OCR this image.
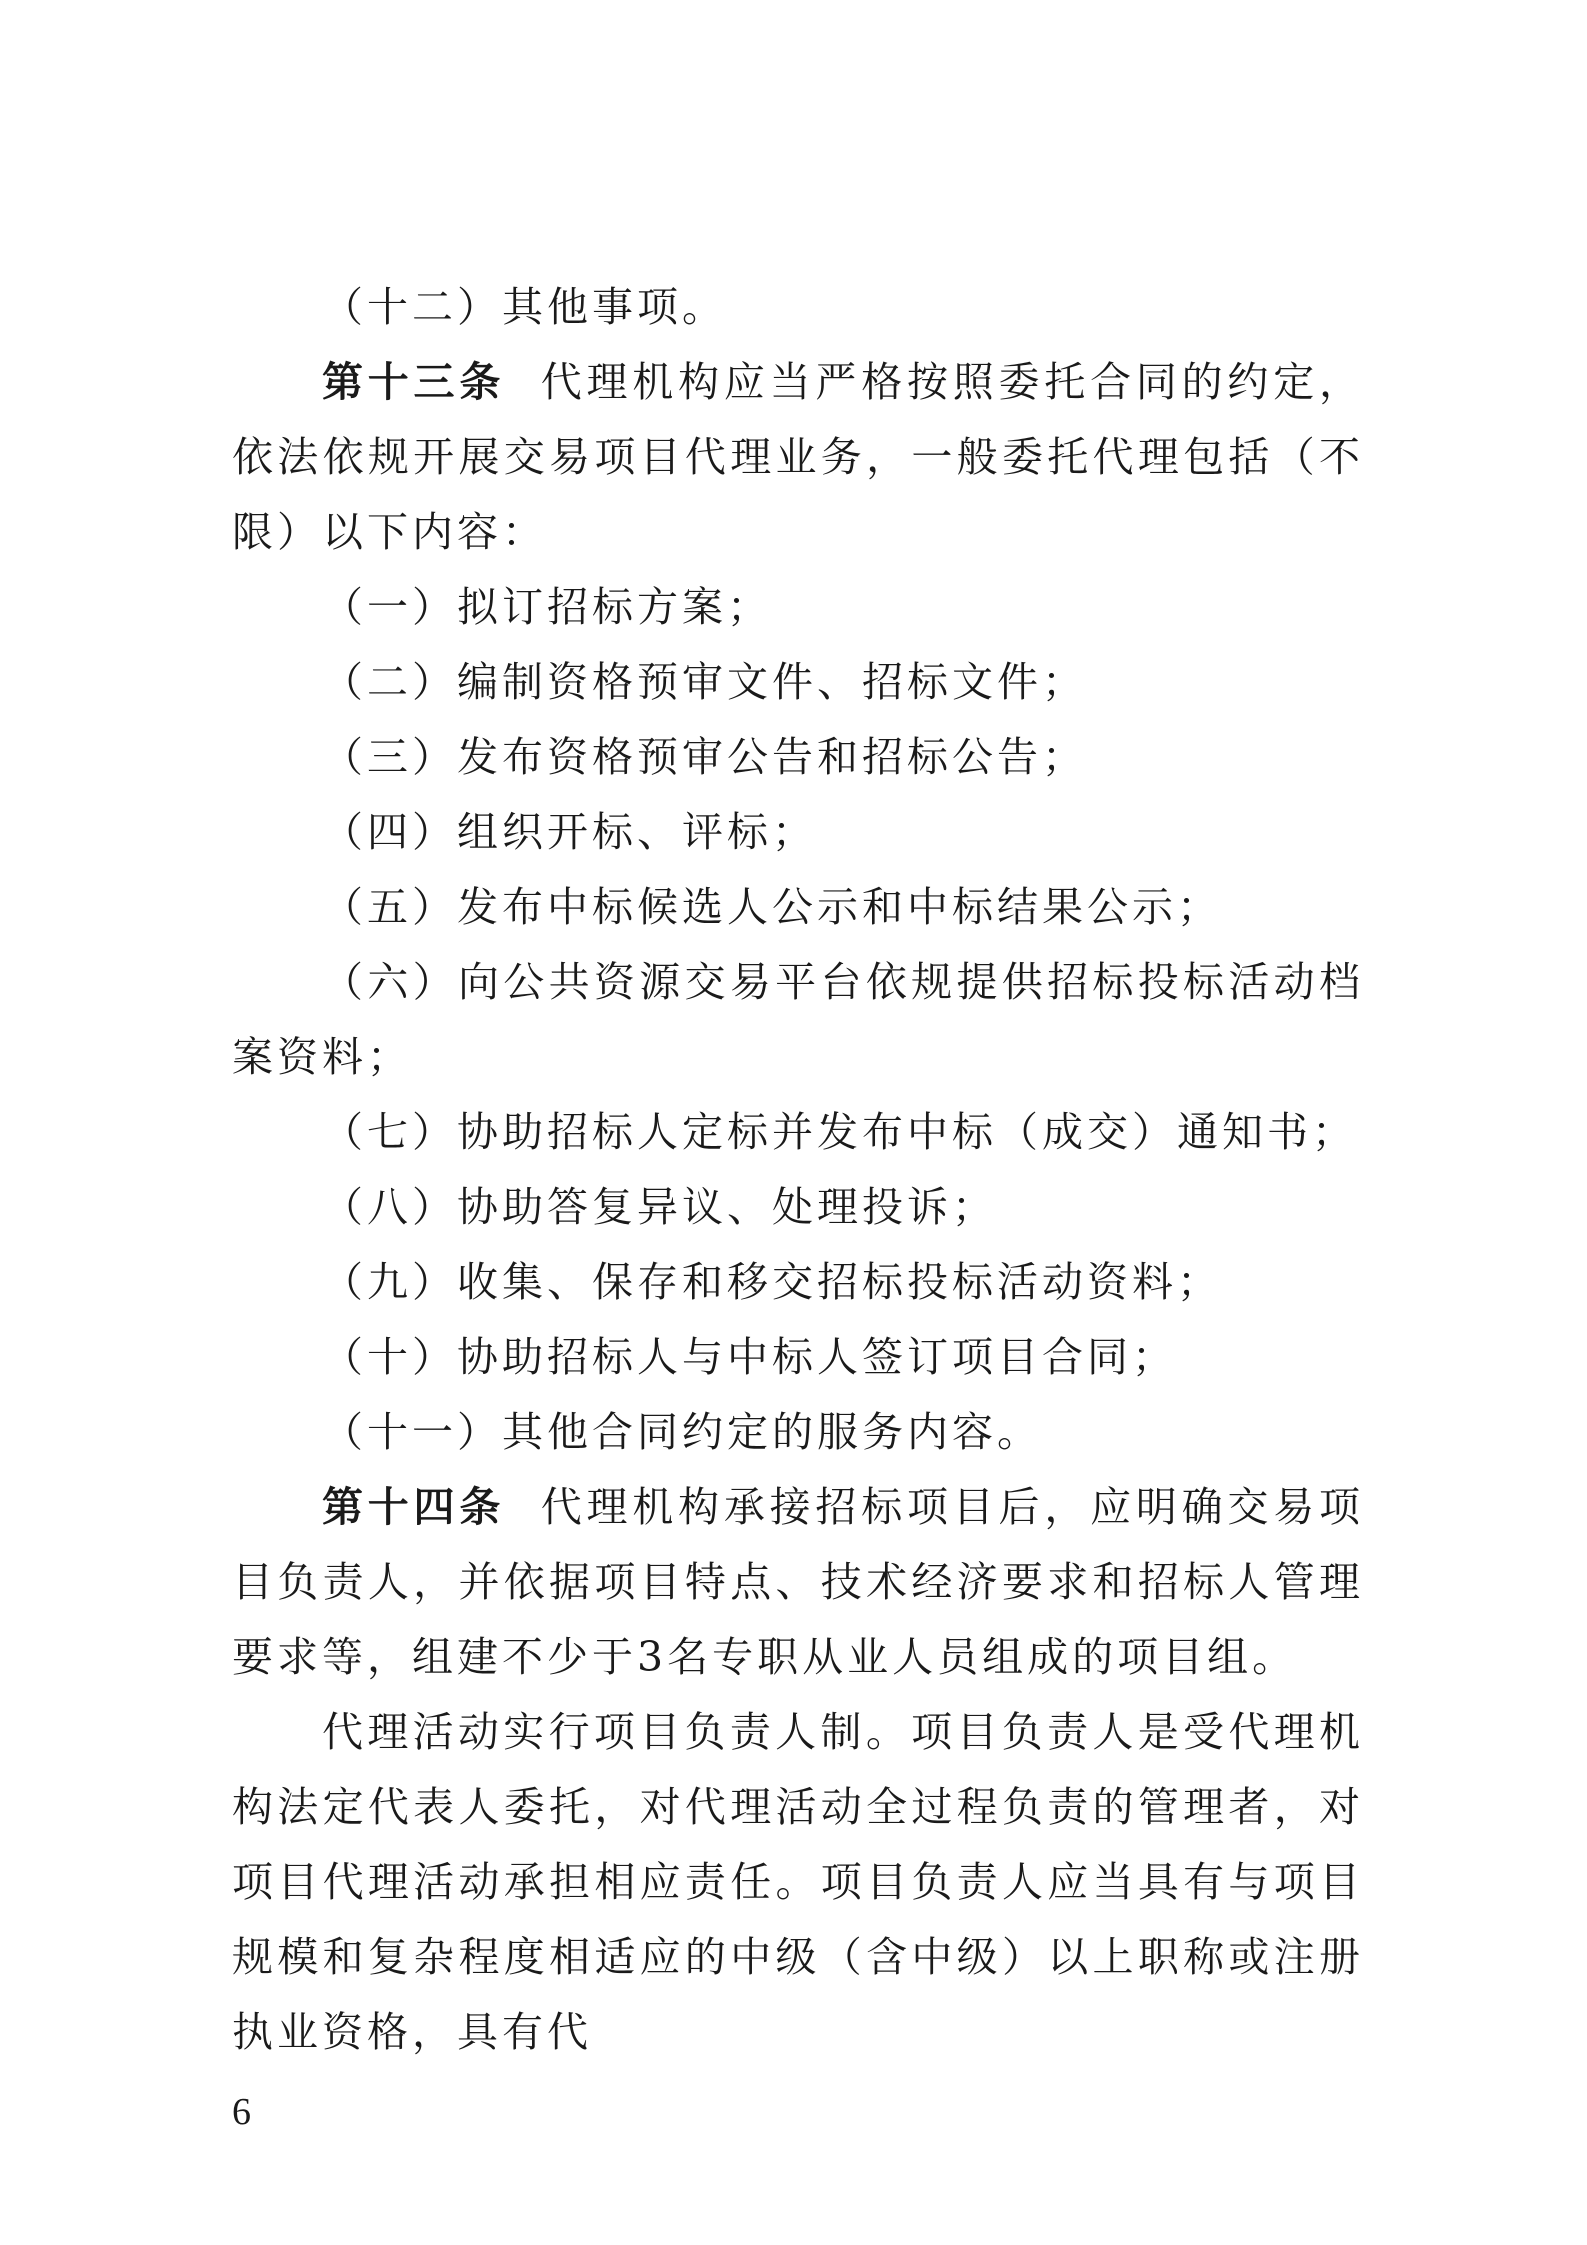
（十二）其他事项。

第十三条 代理机构应当严格按照委托合同的约定，依法依规开展交易项目代理业务，一般委托代理包括（不限）以下内容：

（一）拟订招标方案；

（二）编制资格预审文件、招标文件；

（三）发布资格预审公告和招标公告；

（四）组织开标、评标；

（五）发布中标候选人公示和中标结果公示；

（六）向公共资源交易平台依规提供招标投标活动档案资料；

（七）协助招标人定标并发布中标（成交）通知书；

（八）协助答复异议、处理投诉；

（九）收集、保存和移交招标投标活动资料；

（十）协助招标人与中标人签订项目合同；

（十一）其他合同约定的服务内容。

第十四条 代理机构承接招标项目后，应明确交易项目负责人，并依据项目特点、技术经济要求和招标人管理要求等，组建不少于3名专职从业人员组成的项目组。

代理活动实行项目负责人制。项目负责人是受代理机构法定代表人委托，对代理活动全过程负责的管理者，对项目代理活动承担相应责任。项目负责人应当具有与项目规模和复杂程度相适应的中级（含中级）以上职称或注册执业资格，具有代

6
